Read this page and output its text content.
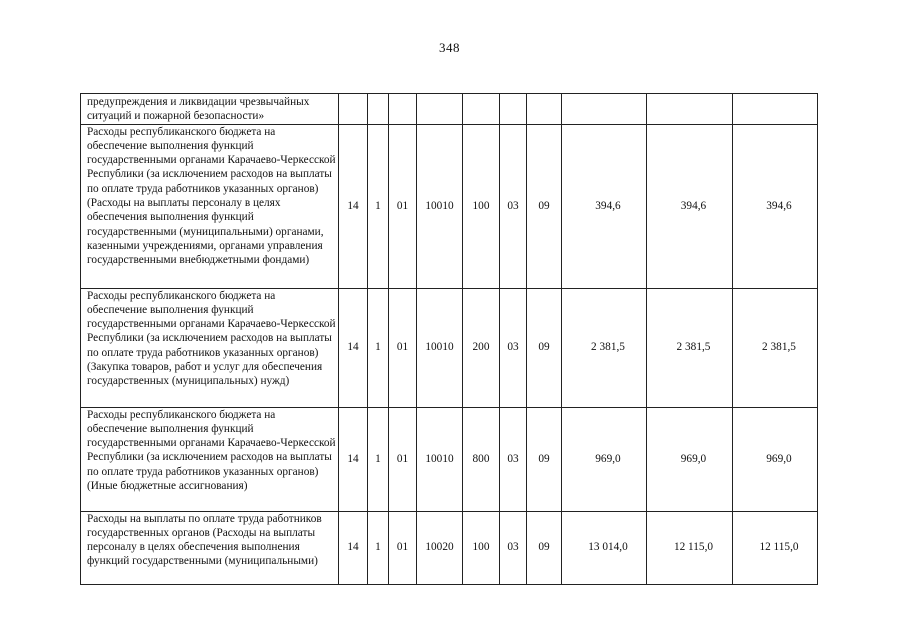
348
предупреждения и ликвидации чрезвычайных ситуаций и пожарной безопасности»										
Расходы республиканского бюджета на обеспечение выполнения функций государственными органами Карачаево-Черкесской Республики (за исключением расходов на выплаты по оплате труда работников указанных органов) (Расходы на выплаты персоналу в целях обеспечения выполнения функций государственными (муниципальными) органами, казенными учреждениями, органами управления государственными внебюджетными фондами)	14	1	01	10010	100	03	09	394,6	394,6	394,6
Расходы республиканского бюджета на обеспечение выполнения функций государственными органами Карачаево-Черкесской Республики (за исключением расходов на выплаты по оплате труда работников указанных органов) (Закупка товаров, работ и услуг для обеспечения государственных (муниципальных) нужд)	14	1	01	10010	200	03	09	2 381,5	2 381,5	2 381,5
Расходы республиканского бюджета на обеспечение выполнения функций государственными органами Карачаево-Черкесской Республики (за исключением расходов на выплаты по оплате труда работников указанных органов) (Иные бюджетные ассигнования)	14	1	01	10010	800	03	09	969,0	969,0	969,0
Расходы на выплаты по оплате труда работников государственных органов (Расходы на выплаты персоналу в целях обеспечения выполнения функций государственными (муниципальными)	14	1	01	10020	100	03	09	13 014,0	12 115,0	12 115,0
